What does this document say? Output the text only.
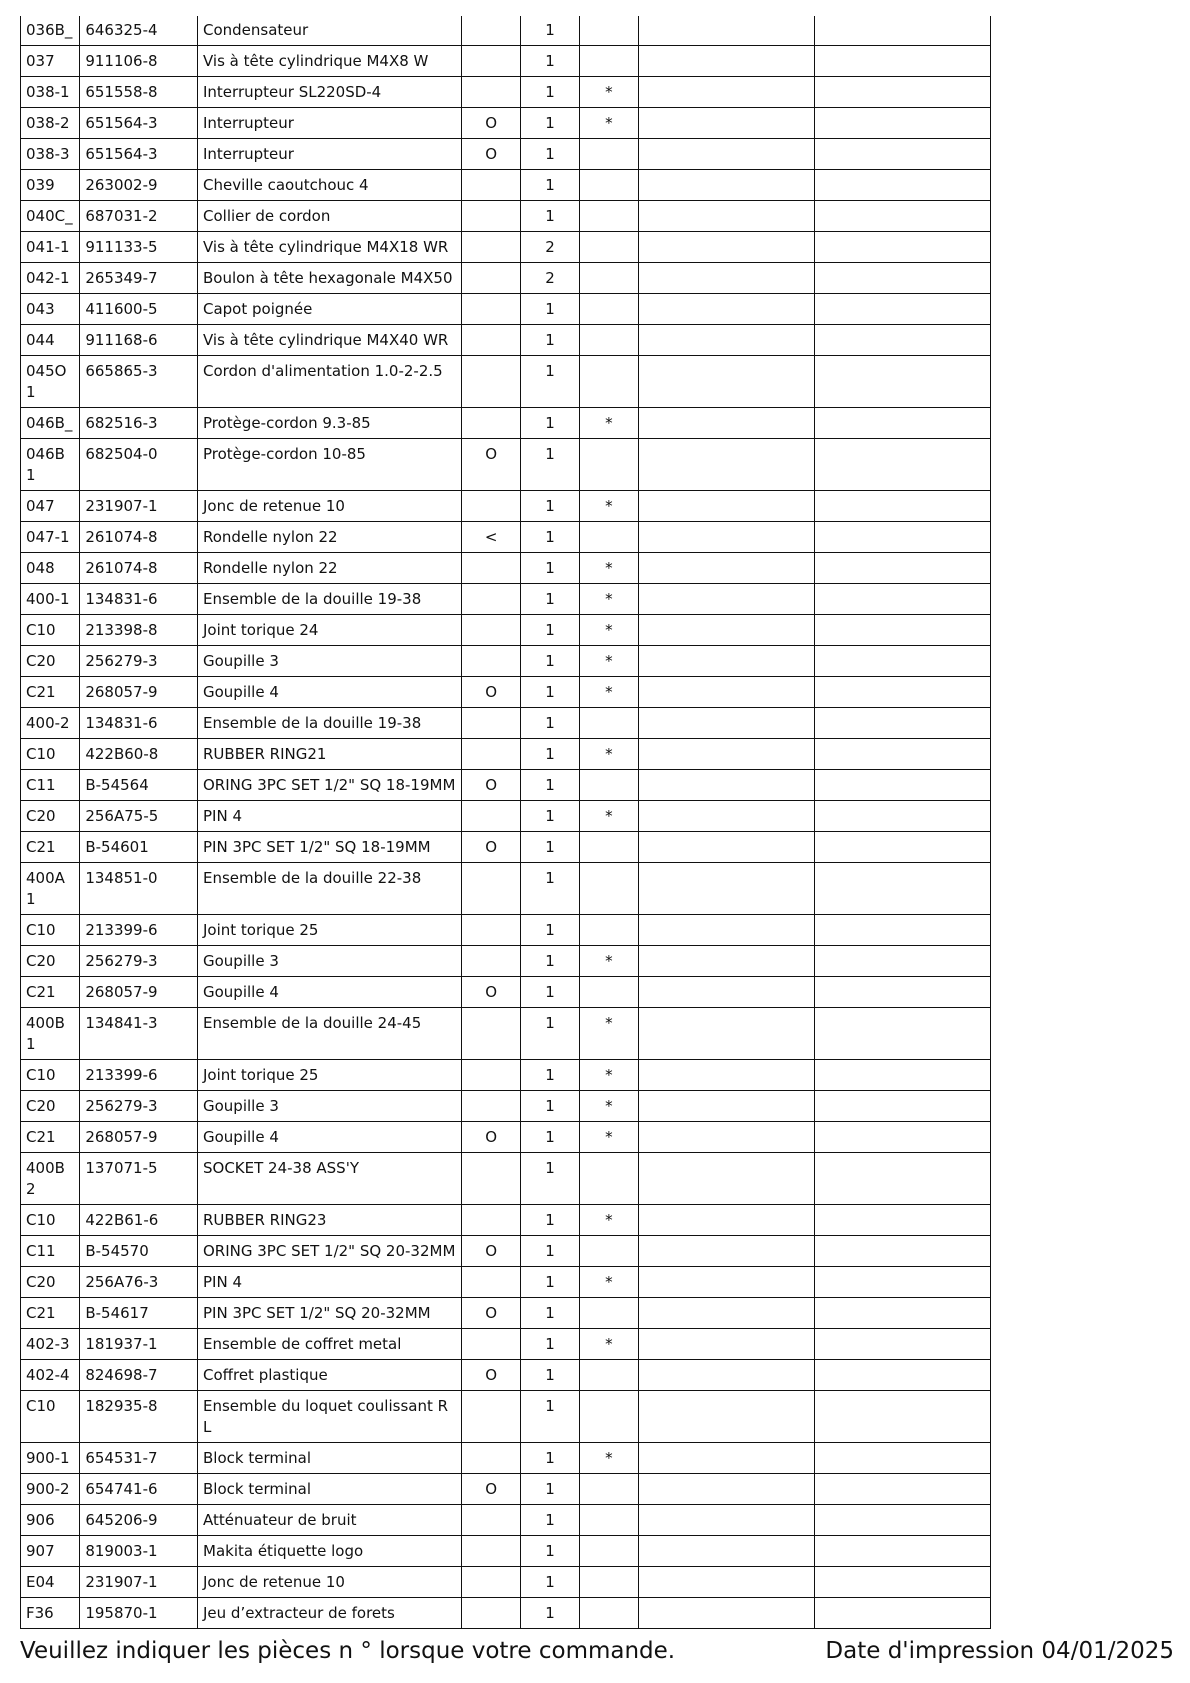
036B_	646325-4	Condensateur		1			
037	911106-8	Vis à tête cylindrique M4X8 W		1			
038-1	651558-8	Interrupteur SL220SD-4		1	*		
038-2	651564-3	Interrupteur	O	1	*		
038-3	651564-3	Interrupteur	O	1			
039	263002-9	Cheville caoutchouc 4		1			
040C_	687031-2	Collier de cordon		1			
041-1	911133-5	Vis à tête cylindrique M4X18 WR		2			
042-1	265349-7	Boulon à tête hexagonale M4X50		2			
043	411600-5	Capot poignée		1			
044	911168-6	Vis à tête cylindrique M4X40 WR		1			
045O1	665865-3	Cordon d'alimentation 1.0-2-2.5		1			
046B_	682516-3	Protège-cordon 9.3-85		1	*		
046B1	682504-0	Protège-cordon 10-85	O	1			
047	231907-1	Jonc de retenue 10		1	*		
047-1	261074-8	Rondelle nylon 22	<	1			
048	261074-8	Rondelle nylon 22		1	*		
400-1	134831-6	Ensemble de la douille 19-38		1	*		
C10	213398-8	Joint torique 24		1	*		
C20	256279-3	Goupille 3		1	*		
C21	268057-9	Goupille 4	O	1	*		
400-2	134831-6	Ensemble de la douille 19-38		1			
C10	422B60-8	RUBBER RING21		1	*		
C11	B-54564	ORING 3PC SET 1/2" SQ 18-19MM	O	1			
C20	256A75-5	PIN 4		1	*		
C21	B-54601	PIN 3PC SET 1/2" SQ 18-19MM	O	1			
400A1	134851-0	Ensemble de la douille 22-38		1			
C10	213399-6	Joint torique 25		1			
C20	256279-3	Goupille 3		1	*		
C21	268057-9	Goupille 4	O	1			
400B1	134841-3	Ensemble de la douille 24-45		1	*		
C10	213399-6	Joint torique 25		1	*		
C20	256279-3	Goupille 3		1	*		
C21	268057-9	Goupille 4	O	1	*		
400B2	137071-5	SOCKET 24-38 ASS'Y		1			
C10	422B61-6	RUBBER RING23		1	*		
C11	B-54570	ORING 3PC SET 1/2" SQ 20-32MM	O	1			
C20	256A76-3	PIN 4		1	*		
C21	B-54617	PIN 3PC SET 1/2" SQ 20-32MM	O	1			
402-3	181937-1	Ensemble de coffret metal		1	*		
402-4	824698-7	Coffret plastique	O	1			
C10	182935-8	Ensemble du loquet coulissant RL		1			
900-1	654531-7	Block terminal		1	*		
900-2	654741-6	Block terminal	O	1			
906	645206-9	Atténuateur de bruit		1			
907	819003-1	Makita étiquette logo		1			
E04	231907-1	Jonc de retenue 10		1			
F36	195870-1	Jeu d’extracteur de forets		1			
Veuillez indiquer les pièces n ° lorsque votre commande.	Date d'impression 04/01/2025
